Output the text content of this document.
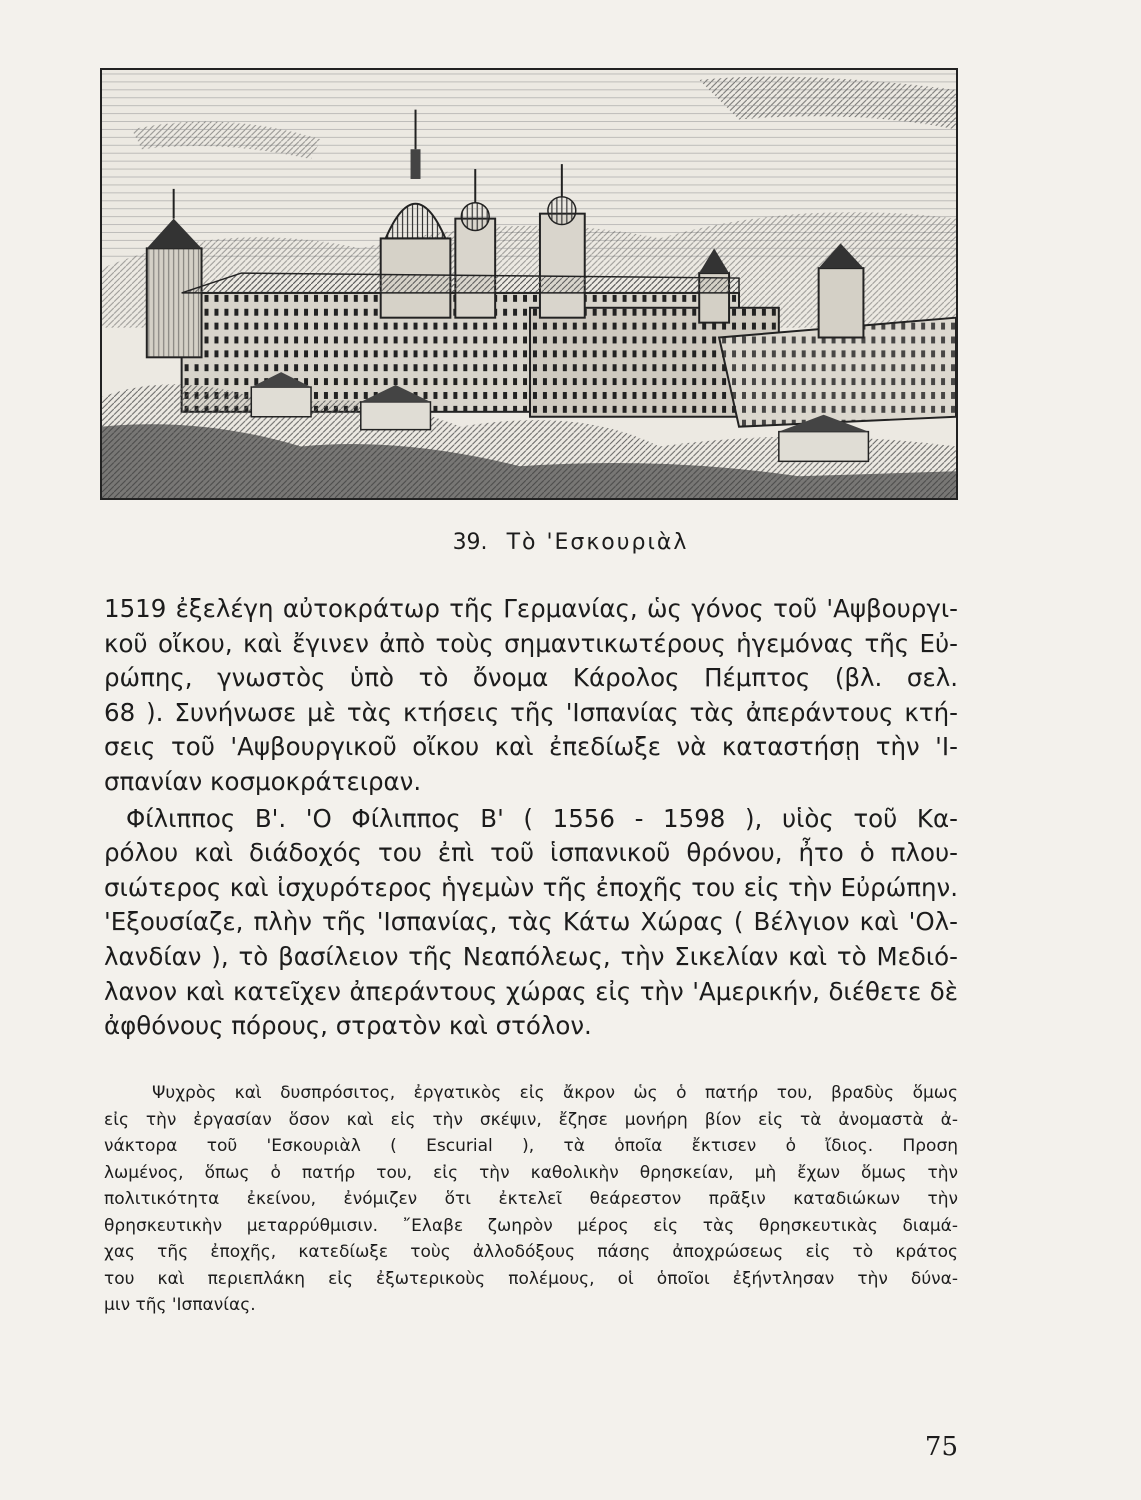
39. Τὸ 'Εσκουριὰλ

1519 ἐξελέγη αὐτοκράτωρ τῆς Γερμανίας, ὡς γόνος τοῦ 'Αψβουργι-
κοῦ οἴκου, καὶ ἔγινεν ἀπὸ τοὺς σημαντικωτέρους ἡγεμόνας τῆς Εὐ-
ρώπης, γνωστὸς ὑπὸ τὸ ὄνομα Κάρολος Πέμπτος (βλ. σελ.
68 ). Συνήνωσε μὲ τὰς κτήσεις τῆς 'Ισπανίας τὰς ἀπεράντους κτή-
σεις τοῦ 'Αψβουργικοῦ οἴκου καὶ ἐπεδίωξε νὰ καταστήσῃ τὴν 'Ι-
σπανίαν κοσμοκράτειραν.

Φίλιππος Β'. 'Ο Φίλιππος Β' ( 1556 - 1598 ), υἱὸς τοῦ Κα-
ρόλου καὶ διάδοχός του ἐπὶ τοῦ ἱσπανικοῦ θρόνου, ἦτο ὁ πλου-
σιώτερος καὶ ἰσχυρότερος ἡγεμὼν τῆς ἐποχῆς του εἰς τὴν Εὐρώπην.
'Εξουσίαζε, πλὴν τῆς 'Ισπανίας, τὰς Κάτω Χώρας ( Βέλγιον καὶ 'Ολ-
λανδίαν ), τὸ βασίλειον τῆς Νεαπόλεως, τὴν Σικελίαν καὶ τὸ Μεδιό-
λανον καὶ κατεῖχεν ἀπεράντους χώρας εἰς τὴν 'Αμερικήν, διέθετε δὲ
ἀφθόνους πόρους, στρατὸν καὶ στόλον.

Ψυχρὸς καὶ δυσπρόσιτος, ἐργατικὸς εἰς ἄκρον ὡς ὁ πατήρ του, βραδὺς ὅμως
εἰς τὴν ἐργασίαν ὅσον καὶ εἰς τὴν σκέψιν, ἔζησε μονήρη βίον εἰς τὰ ἀνομαστὰ ἀ-
νάκτορα τοῦ 'Εσκουριὰλ ( Escurial ), τὰ ὁποῖα ἔκτισεν ὁ ἴδιος. Προση
λωμένος, ὅπως ὁ πατήρ του, εἰς τὴν καθολικὴν θρησκείαν, μὴ ἔχων ὅμως τὴν
πολιτικότητα ἐκείνου, ἐνόμιζεν ὅτι ἐκτελεῖ θεάρεστον πρᾶξιν καταδιώκων τὴν
θρησκευτικὴν μεταρρύθμισιν. ῎Ελαβε ζωηρὸν μέρος εἰς τὰς θρησκευτικὰς διαμά-
χας τῆς ἐποχῆς, κατεδίωξε τοὺς ἀλλοδόξους πάσης ἀποχρώσεως εἰς τὸ κράτος
του καὶ περιεπλάκη εἰς ἐξωτερικοὺς πολέμους, οἱ ὁποῖοι ἐξήντλησαν τὴν δύνα-
μιν τῆς 'Ισπανίας.
75
